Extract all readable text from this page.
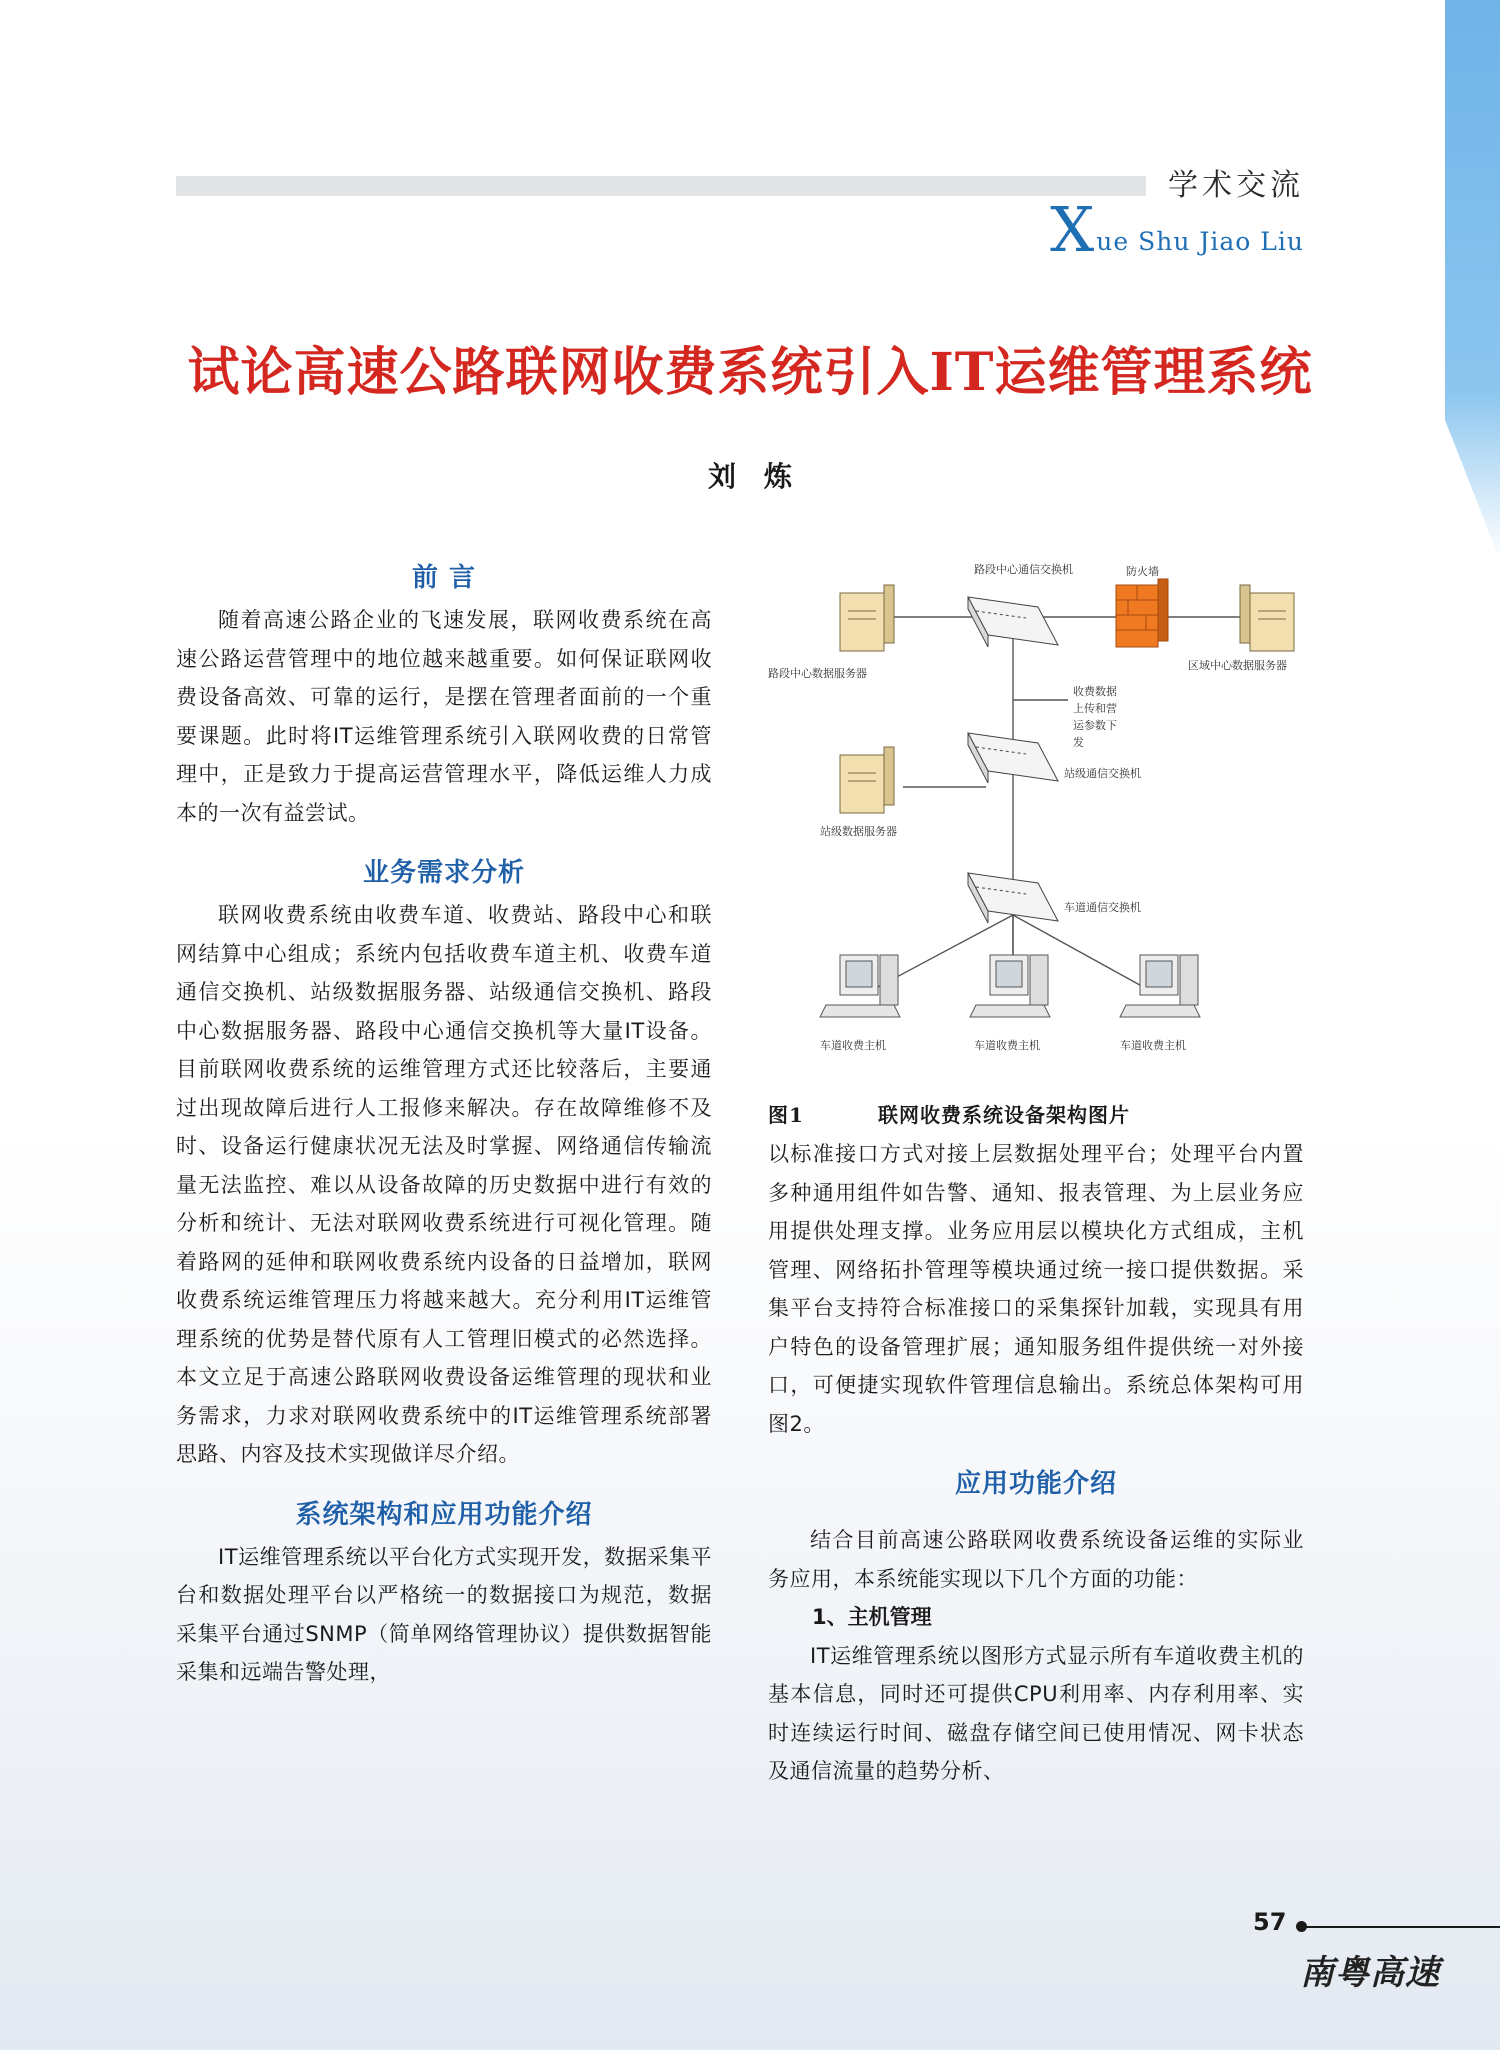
学术交流
X ue Shu Jiao Liu
试论高速公路联网收费系统引入IT运维管理系统
刘炼
前 言

随着高速公路企业的飞速发展，联网收费系统在高速公路运营管理中的地位越来越重要。如何保证联网收费设备高效、可靠的运行，是摆在管理者面前的一个重要课题。此时将IT运维管理系统引入联网收费的日常管理中，正是致力于提高运营管理水平，降低运维人力成本的一次有益尝试。

业务需求分析

联网收费系统由收费车道、收费站、路段中心和联网结算中心组成；系统内包括收费车道主机、收费车道通信交换机、站级数据服务器、站级通信交换机、路段中心数据服务器、路段中心通信交换机等大量IT设备。目前联网收费系统的运维管理方式还比较落后，主要通过出现故障后进行人工报修来解决。存在故障维修不及时、设备运行健康状况无法及时掌握、网络通信传输流量无法监控、难以从设备故障的历史数据中进行有效的分析和统计、无法对联网收费系统进行可视化管理。随着路网的延伸和联网收费系统内设备的日益增加，联网收费系统运维管理压力将越来越大。充分利用IT运维管理系统的优势是替代原有人工管理旧模式的必然选择。本文立足于高速公路联网收费设备运维管理的现状和业务需求，力求对联网收费系统中的IT运维管理系统部署思路、内容及技术实现做详尽介绍。

系统架构和应用功能介绍

IT运维管理系统以平台化方式实现开发，数据采集平台和数据处理平台以严格统一的数据接口为规范，数据采集平台通过SNMP（简单网络管理协议）提供数据智能采集和远端告警处理，

路段中心通信交换机	防火墙
路段中心数据服务器
区域中心数据服务器
收费数据
上传和营
运参数下
发
站级通信交换机
站级数据服务器
车道通信交换机
车道收费主机	车道收费主机	车道收费主机
图1	联网收费系统设备架构图片

以标准接口方式对接上层数据处理平台；处理平台内置多种通用组件如告警、通知、报表管理、为上层业务应用提供处理支撑。业务应用层以模块化方式组成，主机管理、网络拓扑管理等模块通过统一接口提供数据。采集平台支持符合标准接口的采集探针加载，实现具有用户特色的设备管理扩展；通知服务组件提供统一对外接口，可便捷实现软件管理信息输出。系统总体架构可用图2。

应用功能介绍

结合目前高速公路联网收费系统设备运维的实际业务应用，本系统能实现以下几个方面的功能：

1、主机管理

IT运维管理系统以图形方式显示所有车道收费主机的基本信息，同时还可提供CPU利用率、内存利用率、实时连续运行时间、磁盘存储空间已使用情况、网卡状态及通信流量的趋势分析、

57
南粤高速
